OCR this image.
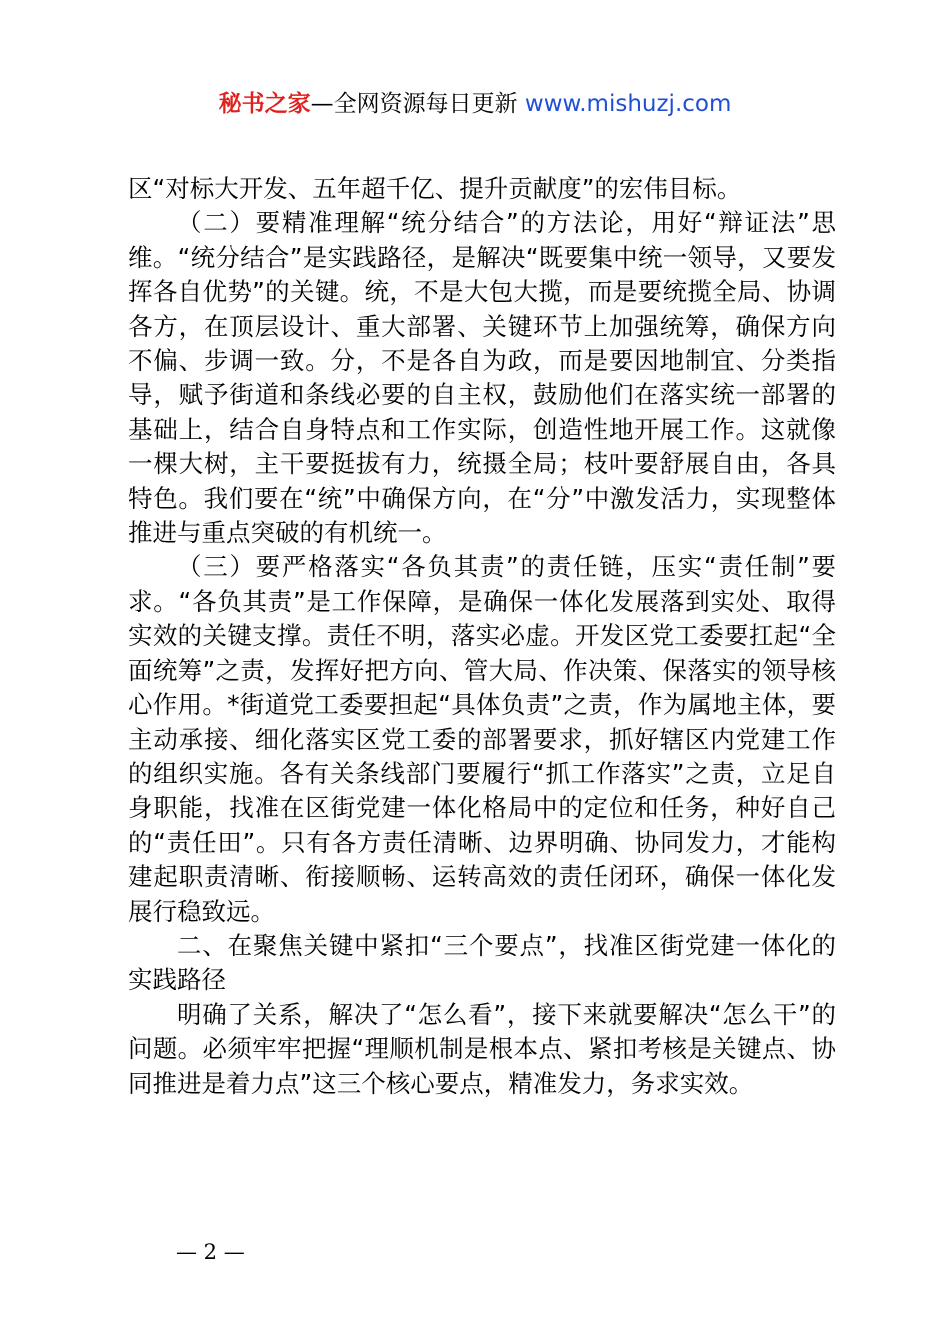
秘书之家—全网资源每日更新 www.mishuzj.com

区“对标大开发、五年超千亿、提升贡献度”的宏伟目标。

（二）要精准理解“统分结合”的方法论，用好“辩证法”思维。“统分结合”是实践路径，是解决“既要集中统一领导，又要发挥各自优势”的关键。统，不是大包大揽，而是要统揽全局、协调各方，在顶层设计、重大部署、关键环节上加强统筹，确保方向不偏、步调一致。分，不是各自为政，而是要因地制宜、分类指导，赋予街道和条线必要的自主权，鼓励他们在落实统一部署的基础上，结合自身特点和工作实际，创造性地开展工作。这就像一棵大树，主干要挺拔有力，统摄全局；枝叶要舒展自由，各具特色。我们要在“统”中确保方向，在“分”中激发活力，实现整体推进与重点突破的有机统一。

（三）要严格落实“各负其责”的责任链，压实“责任制”要求。“各负其责”是工作保障，是确保一体化发展落到实处、取得实效的关键支撑。责任不明，落实必虚。开发区党工委要扛起“全面统筹”之责，发挥好把方向、管大局、作决策、保落实的领导核心作用。*街道党工委要担起“具体负责”之责，作为属地主体，要主动承接、细化落实区党工委的部署要求，抓好辖区内党建工作的组织实施。各有关条线部门要履行“抓工作落实”之责，立足自身职能，找准在区街党建一体化格局中的定位和任务，种好自己的“责任田”。只有各方责任清晰、边界明确、协同发力，才能构建起职责清晰、衔接顺畅、运转高效的责任闭环，确保一体化发展行稳致远。

二、在聚焦关键中紧扣“三个要点”，找准区街党建一体化的实践路径

明确了关系，解决了“怎么看”，接下来就要解决“怎么干”的问题。必须牢牢把握“理顺机制是根本点、紧扣考核是关键点、协同推进是着力点”这三个核心要点，精准发力，务求实效。

— 2 —
